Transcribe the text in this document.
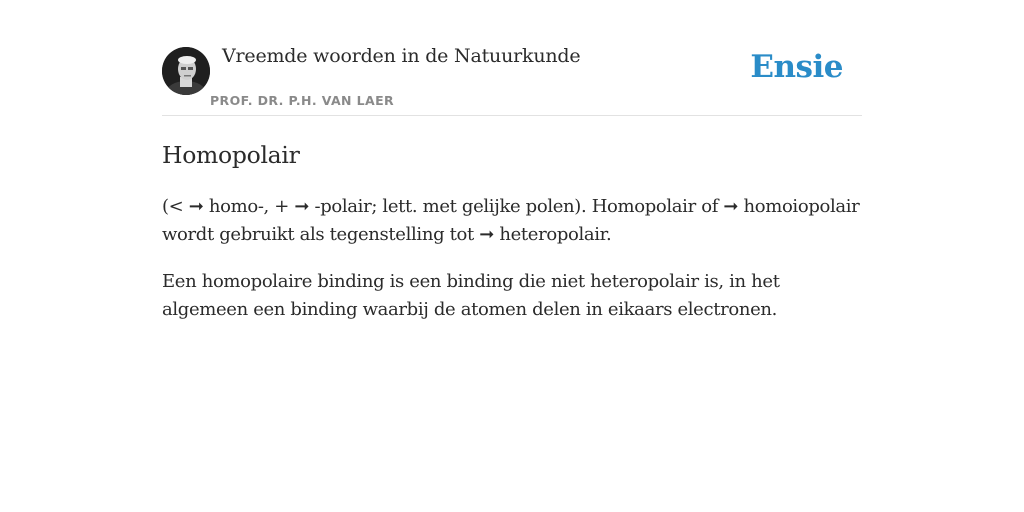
Vreemde woorden in de Natuurkunde
PROF. DR. P.H. VAN LAER
Ensie
Homopolair

(< ➞ homo-, + ➞ -polair; lett. met gelijke polen). Homopolair of ➞ homoiopolair wordt gebruikt als tegenstelling tot ➞ heteropolair.

Een homopolaire binding is een binding die niet heteropolair is, in het algemeen een binding waarbij de atomen delen in eikaars electronen.
